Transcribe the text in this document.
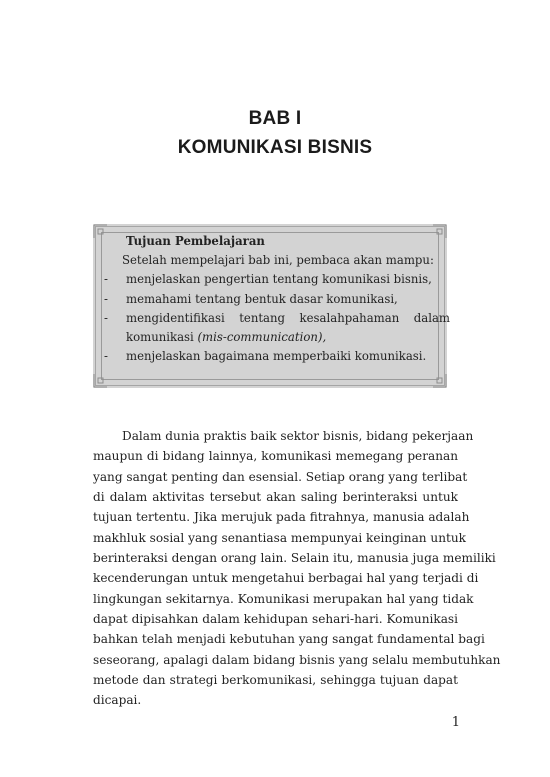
BAB I
KOMUNIKASI BISNIS
Tujuan Pembelajaran
Setelah mempelajari bab ini, pembaca akan mampu:
- menjelaskan pengertian tentang komunikasi bisnis,
- memahami tentang bentuk dasar komunikasi,
- mengidentifikasi tentang kesalahpahaman dalam
komunikasi (mis-communication),
- menjelaskan bagaimana memperbaiki komunikasi.
Dalam dunia praktis baik sektor bisnis, bidang pekerjaan
maupun di bidang lainnya, komunikasi memegang peranan
yang sangat penting dan esensial. Setiap orang yang terlibat
di dalam aktivitas tersebut akan saling berinteraksi untuk
tujuan tertentu. Jika merujuk pada fitrahnya, manusia adalah
makhluk sosial yang senantiasa mempunyai keinginan untuk
berinteraksi dengan orang lain. Selain itu, manusia juga memiliki
kecenderungan untuk mengetahui berbagai hal yang terjadi di
lingkungan sekitarnya. Komunikasi merupakan hal yang tidak
dapat dipisahkan dalam kehidupan sehari-hari. Komunikasi
bahkan telah menjadi kebutuhan yang sangat fundamental bagi
seseorang, apalagi dalam bidang bisnis yang selalu membutuhkan
metode dan strategi berkomunikasi, sehingga tujuan dapat
dicapai.
1
